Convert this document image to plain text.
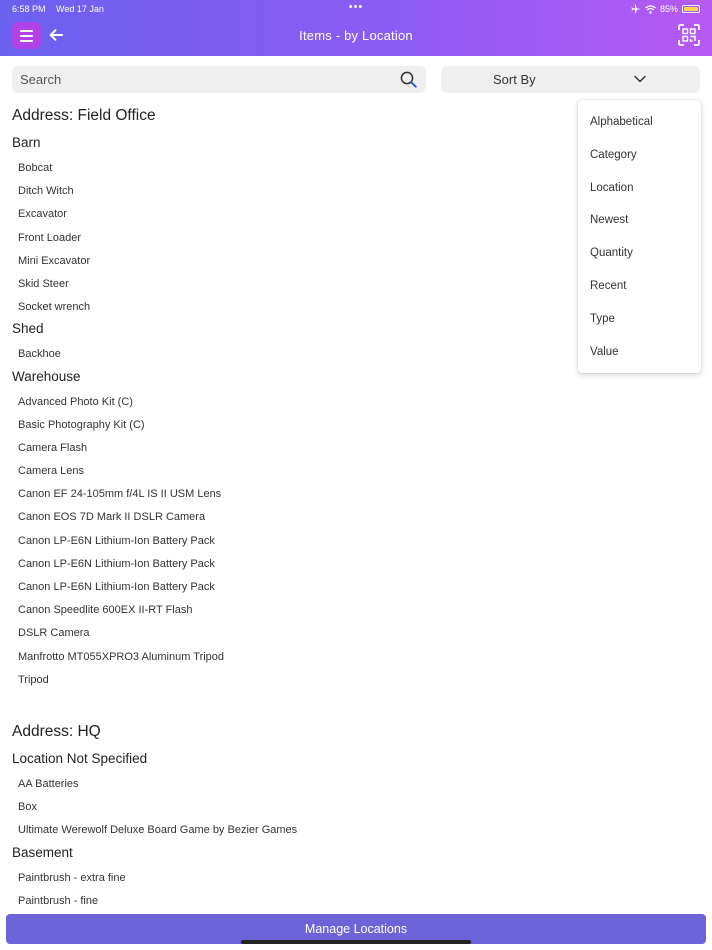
6:58 PM Wed 17 Jan	•••	85%
Items - by Location
Search
Sort By
Address: Field Office
Barn
Bobcat
Ditch Witch
Excavator
Front Loader
Mini Excavator
Skid Steer
Socket wrench
Shed
Backhoe
Warehouse
Advanced Photo Kit (C)
Basic Photography Kit (C)
Camera Flash
Camera Lens
Canon EF 24-105mm f/4L IS II USM Lens
Canon EOS 7D Mark II DSLR Camera
Canon LP-E6N Lithium-Ion Battery Pack
Canon LP-E6N Lithium-Ion Battery Pack
Canon LP-E6N Lithium-Ion Battery Pack
Canon Speedlite 600EX II-RT Flash
DSLR Camera
Manfrotto MT055XPRO3 Aluminum Tripod
Tripod
Address: HQ
Location Not Specified
AA Batteries
Box
Ultimate Werewolf Deluxe Board Game by Bezier Games
Basement
Paintbrush - extra fine
Paintbrush - fine
Alphabetical
Category
Location
Newest
Quantity
Recent
Type
Value
Manage Locations
